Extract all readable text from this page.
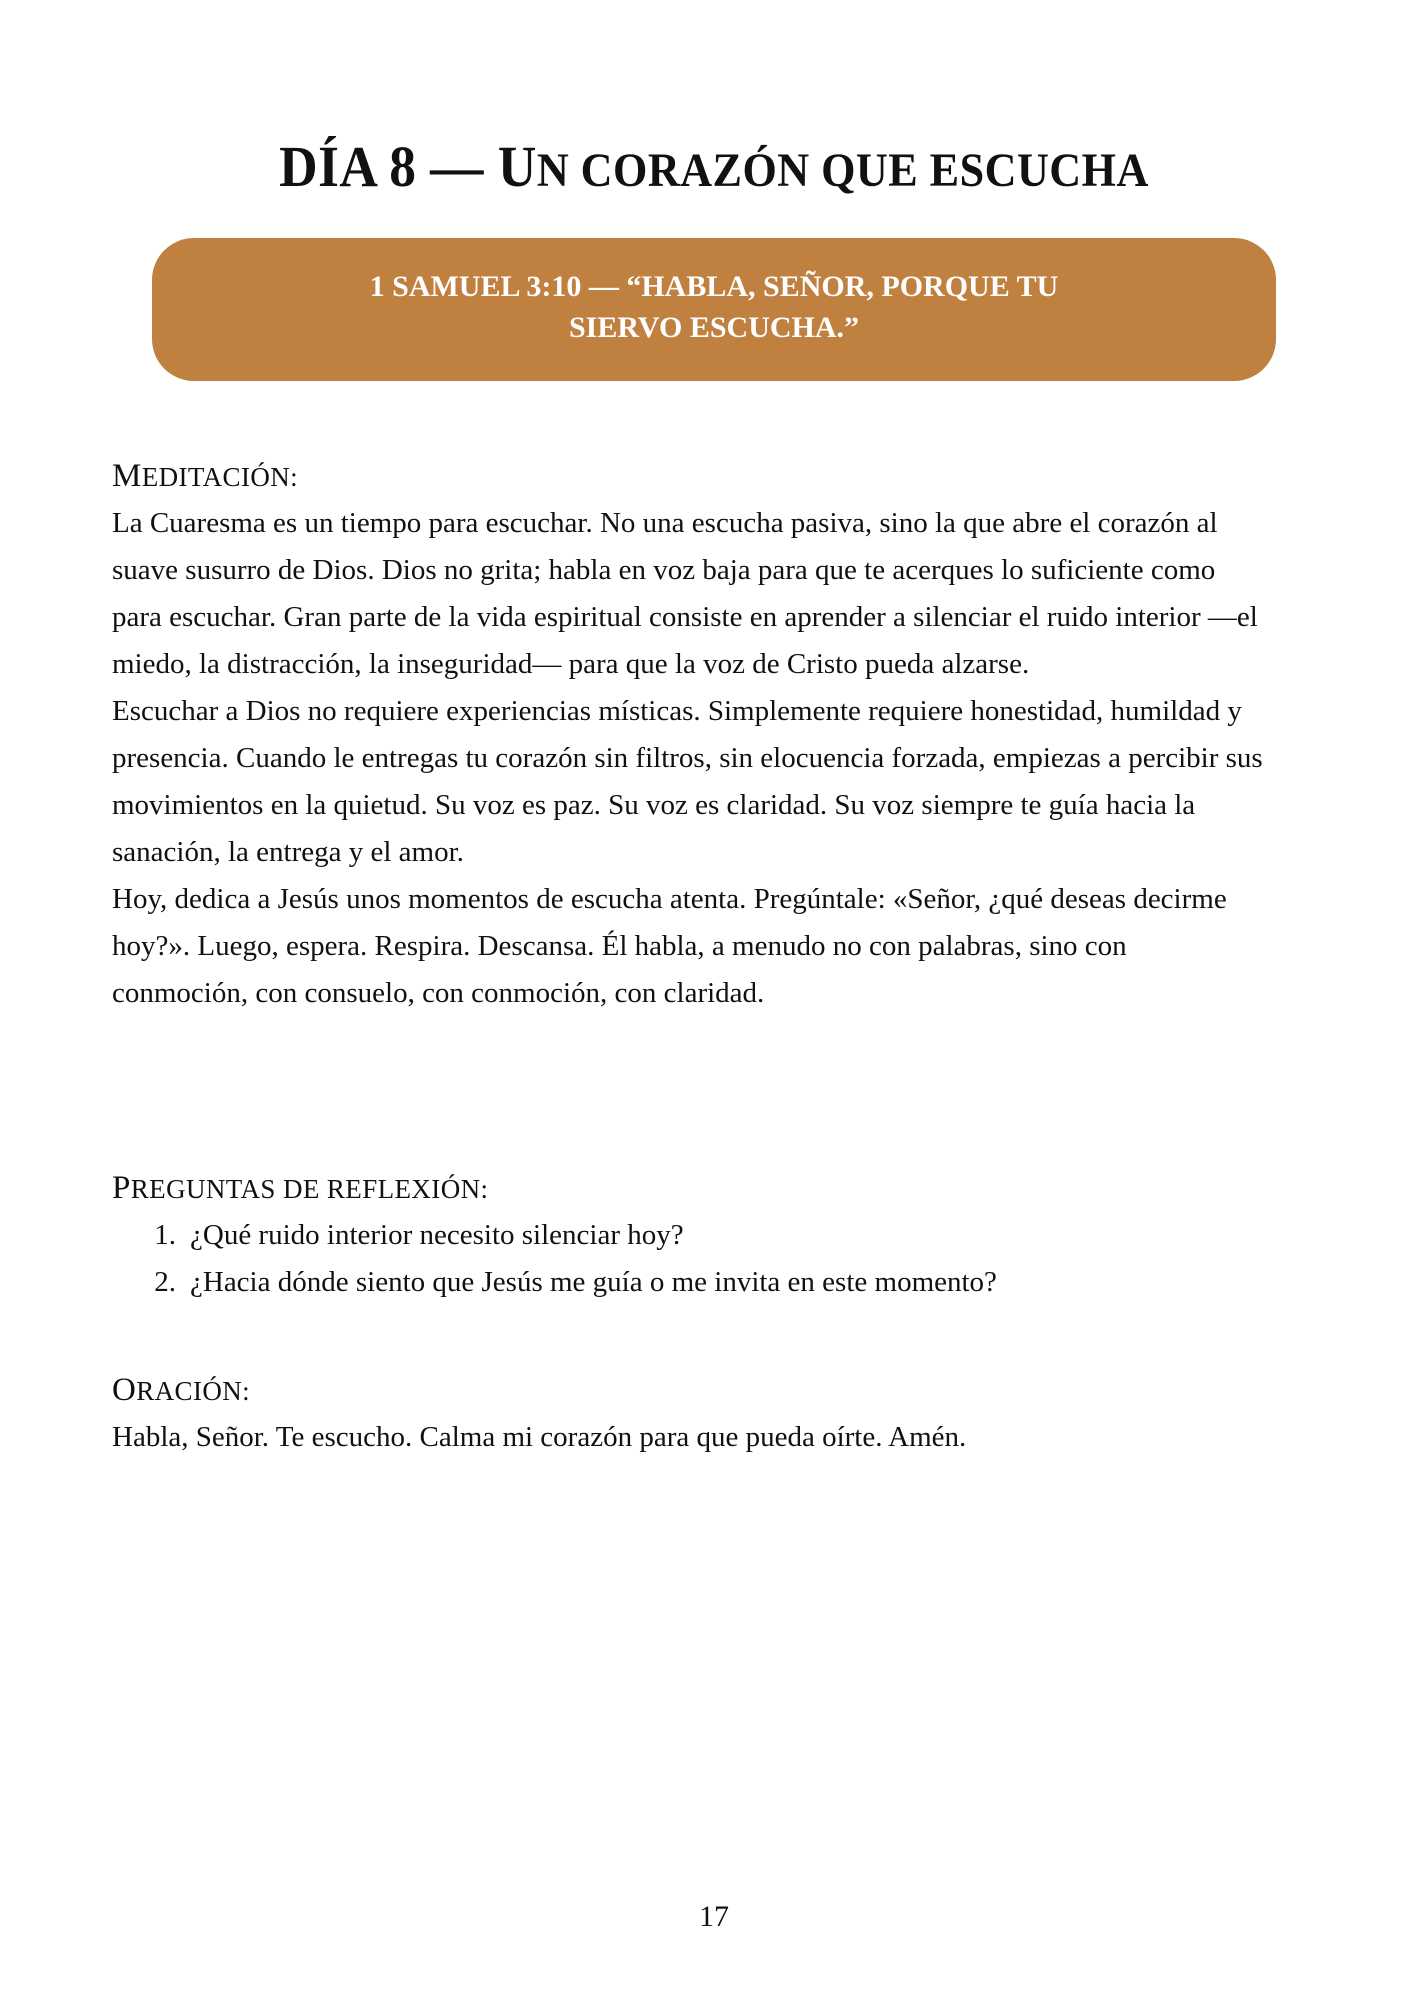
DÍA 8 — UN CORAZÓN QUE ESCUCHA
1 SAMUEL 3:10 — “HABLA, SEÑOR, PORQUE TU
SIERVO ESCUCHA.”
MEDITACIÓN:

La Cuaresma es un tiempo para escuchar. No una escucha pasiva, sino la que abre el corazón al suave susurro de Dios. Dios no grita; habla en voz baja para que te acerques lo suficiente como para escuchar. Gran parte de la vida espiritual consiste en aprender a silenciar el ruido interior —el miedo, la distracción, la inseguridad— para que la voz de Cristo pueda alzarse.

Escuchar a Dios no requiere experiencias místicas. Simplemente requiere honestidad, humildad y presencia. Cuando le entregas tu corazón sin filtros, sin elocuencia forzada, empiezas a percibir sus movimientos en la quietud. Su voz es paz. Su voz es claridad. Su voz siempre te guía hacia la sanación, la entrega y el amor.

Hoy, dedica a Jesús unos momentos de escucha atenta. Pregúntale: «Señor, ¿qué deseas decirme hoy?». Luego, espera. Respira. Descansa. Él habla, a menudo no con palabras, sino con conmoción, con consuelo, con conmoción, con claridad.

PREGUNTAS DE REFLEXIÓN:
1. ¿Qué ruido interior necesito silenciar hoy?
2. ¿Hacia dónde siento que Jesús me guía o me invita en este momento?
ORACIÓN:

Habla, Señor. Te escucho. Calma mi corazón para que pueda oírte. Amén.

17
